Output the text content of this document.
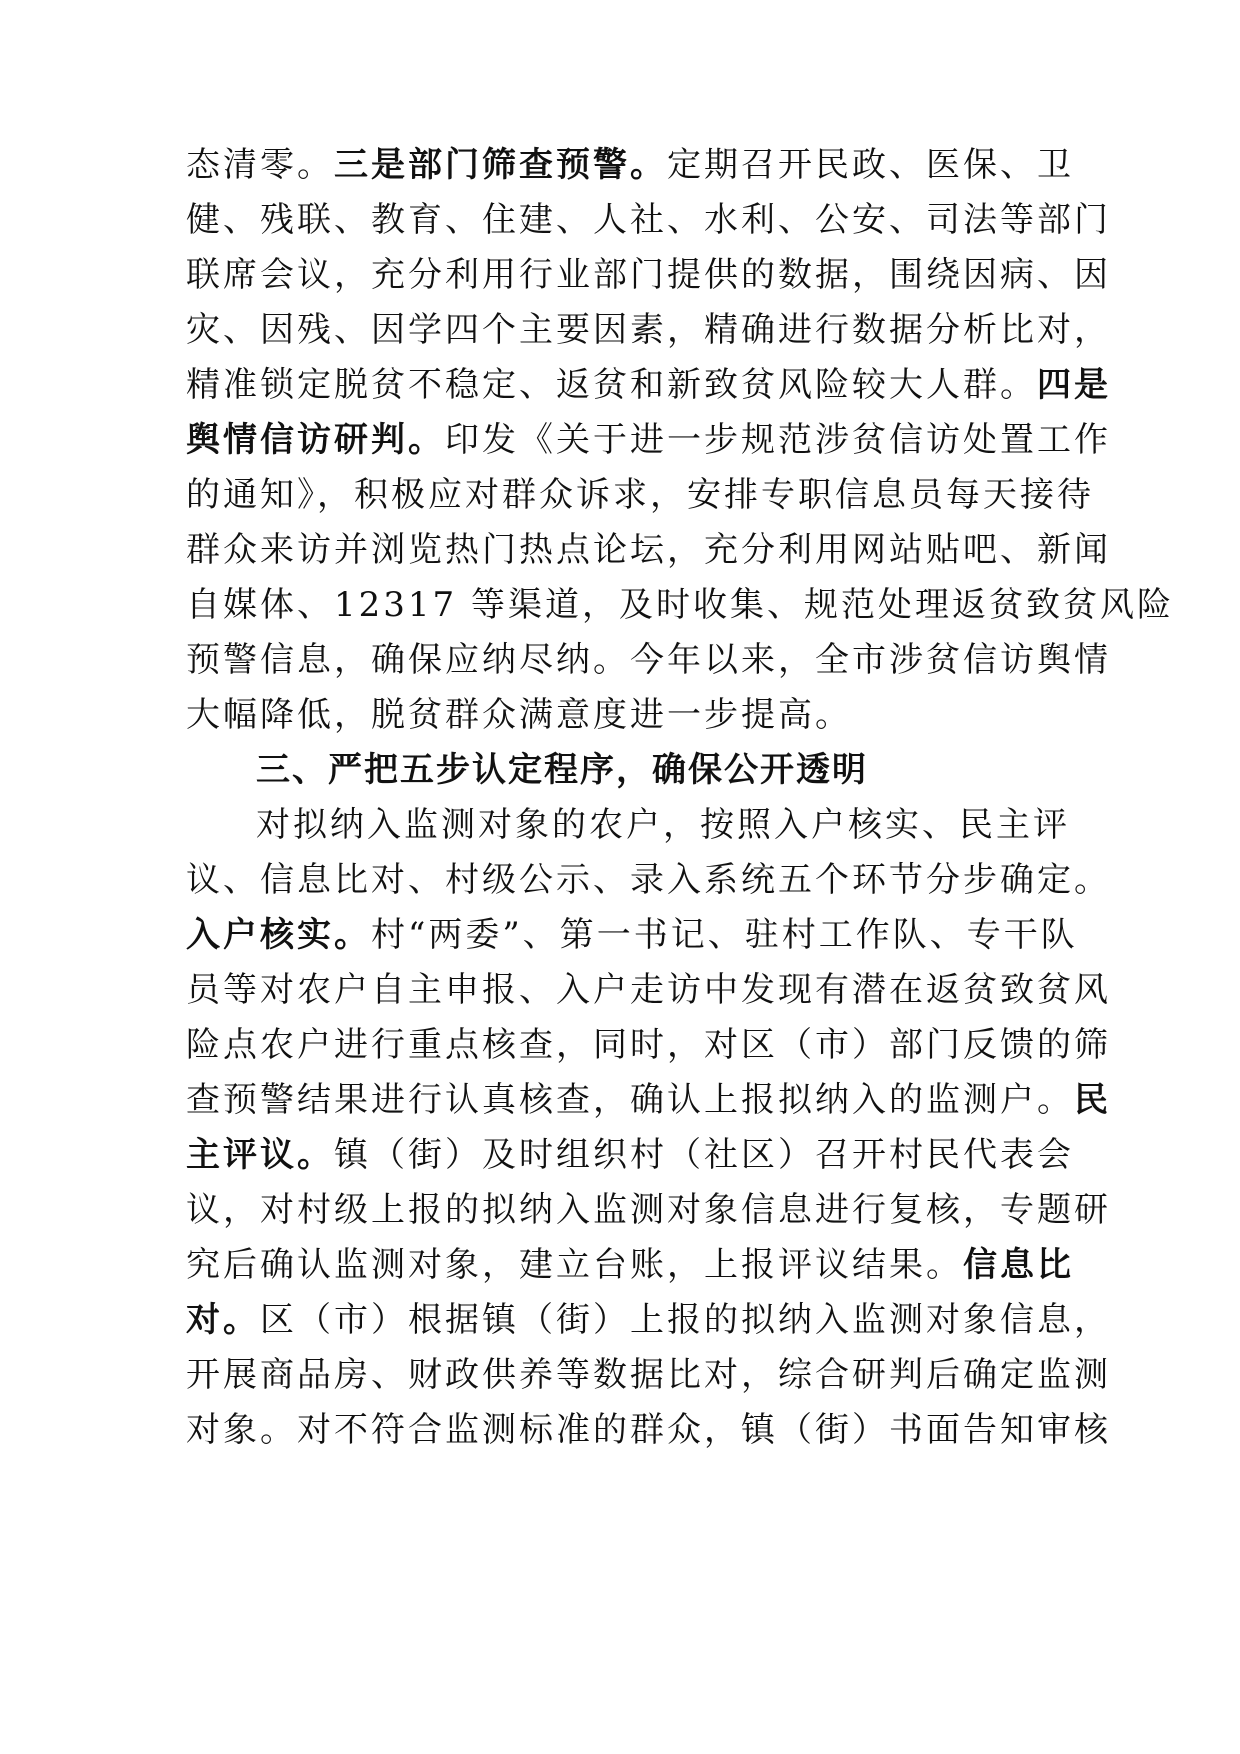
态清零。三是部门筛查预警。定期召开民政、医保、卫
健、残联、教育、住建、人社、水利、公安、司法等部门
联席会议，充分利用行业部门提供的数据，围绕因病、因
灾、因残、因学四个主要因素，精确进行数据分析比对，
精准锁定脱贫不稳定、返贫和新致贫风险较大人群。四是
舆情信访研判。印发《关于进一步规范涉贫信访处置工作
的通知》，积极应对群众诉求，安排专职信息员每天接待
群众来访并浏览热门热点论坛，充分利用网站贴吧、新闻
自媒体、12317 等渠道，及时收集、规范处理返贫致贫风险
预警信息，确保应纳尽纳。今年以来，全市涉贫信访舆情
大幅降低，脱贫群众满意度进一步提高。
三、严把五步认定程序，确保公开透明
对拟纳入监测对象的农户，按照入户核实、民主评
议、信息比对、村级公示、录入系统五个环节分步确定。
入户核实。村“两委”、第一书记、驻村工作队、专干队
员等对农户自主申报、入户走访中发现有潜在返贫致贫风
险点农户进行重点核查，同时，对区（市）部门反馈的筛
查预警结果进行认真核查，确认上报拟纳入的监测户。民
主评议。镇（街）及时组织村（社区）召开村民代表会
议，对村级上报的拟纳入监测对象信息进行复核，专题研
究后确认监测对象，建立台账，上报评议结果。信息比
对。区（市）根据镇（街）上报的拟纳入监测对象信息，
开展商品房、财政供养等数据比对，综合研判后确定监测
对象。对不符合监测标准的群众，镇（街）书面告知审核
